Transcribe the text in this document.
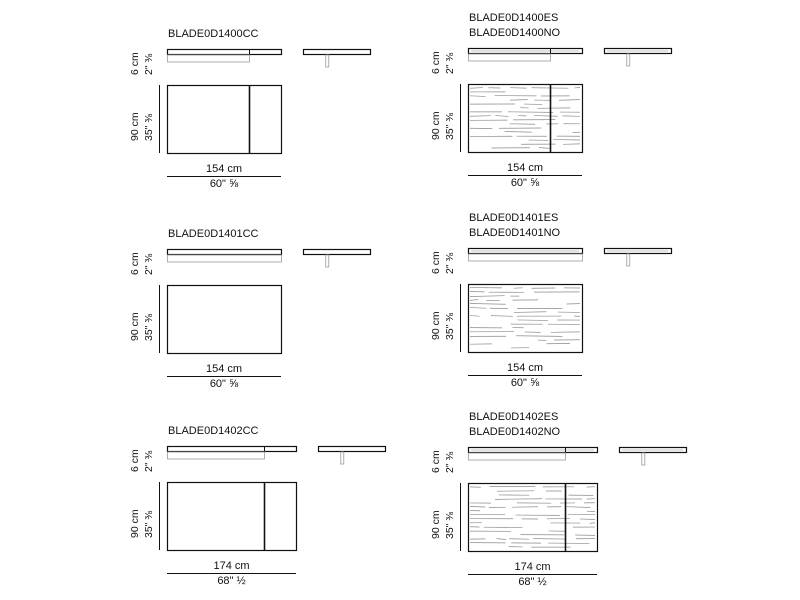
BLADE0D1400CC
6 cm 2" ⅜
90 cm 35" ⅜
154 cm
60" ⅝
BLADE0D1400ES
BLADE0D1400NO
6 cm 2" ⅜
90 cm 35" ⅜
154 cm
60" ⅝
BLADE0D1401CC
6 cm 2" ⅜
90 cm 35" ⅜
154 cm
60" ⅝
BLADE0D1401ES
BLADE0D1401NO
6 cm 2" ⅜
90 cm 35" ⅜
154 cm
60" ⅝
BLADE0D1402CC
6 cm 2" ⅜
90 cm 35" ⅜
174 cm
68" ½
BLADE0D1402ES
BLADE0D1402NO
6 cm 2" ⅜
90 cm 35" ⅜
174 cm
68" ½
